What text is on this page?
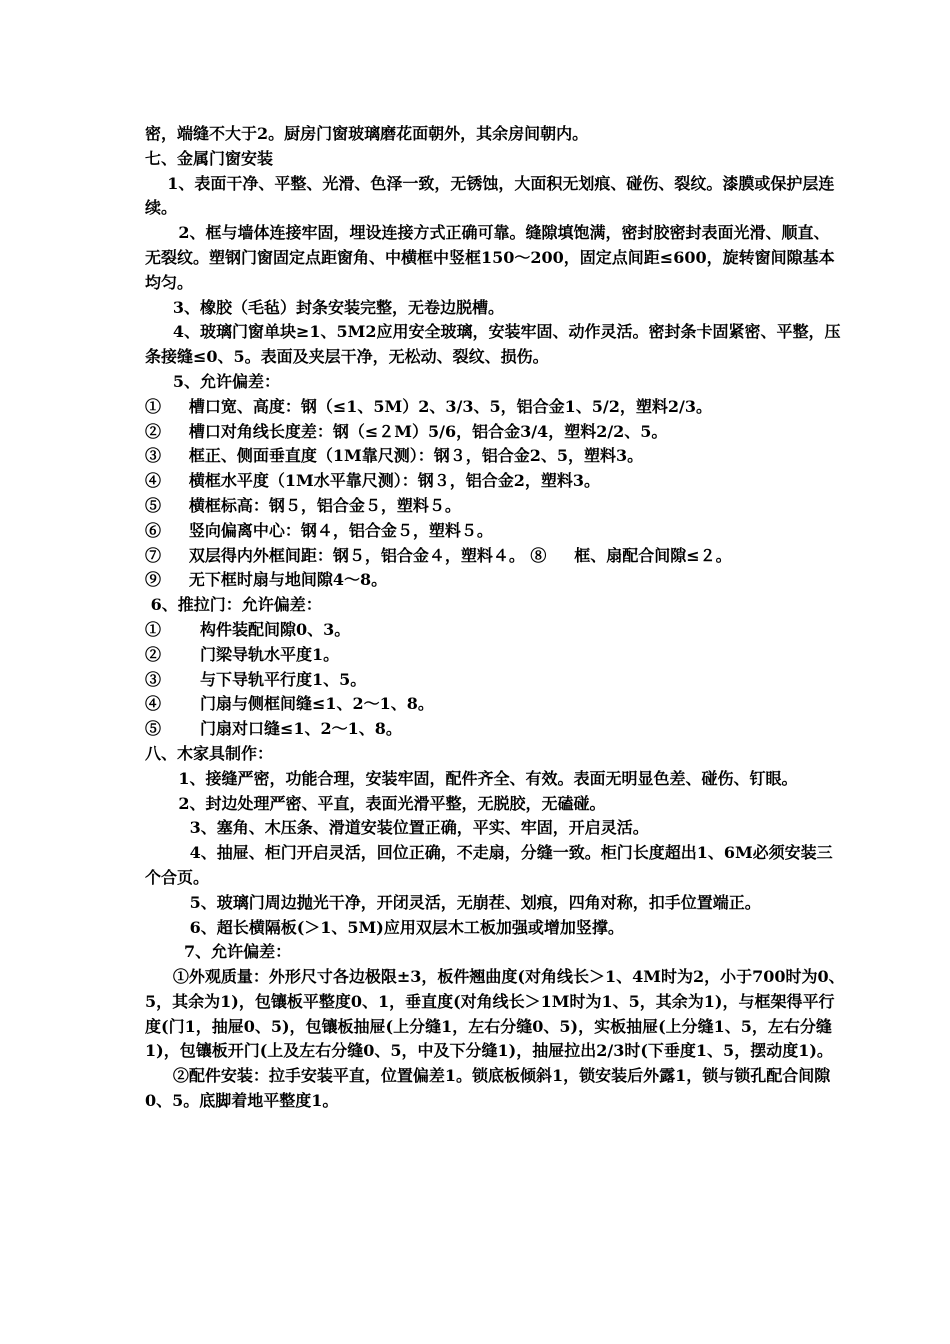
密，端缝不大于2。厨房门窗玻璃磨花面朝外，其余房间朝内。

七、金属门窗安装

1、表面干净、平整、光滑、色泽一致，无锈蚀，大面积无划痕、碰伤、裂纹。漆膜或保护层连续。

2、框与墙体连接牢固，埋设连接方式正确可靠。缝隙填饱满，密封胶密封表面光滑、顺直、无裂纹。塑钢门窗固定点距窗角、中横框中竖框150～200，固定点间距≤600，旋转窗间隙基本均匀。

3、橡胶（毛毡）封条安装完整，无卷边脱槽。

4、玻璃门窗单块≥1、5M2应用安全玻璃，安装牢固、动作灵活。密封条卡固紧密、平整，压条接缝≤0、5。表面及夹层干净，无松动、裂纹、损伤。

5、允许偏差：

①     槽口宽、高度：钢（≤1、5M）2、3/3、5，铝合金1、5/2，塑料2/3。

②     槽口对角线长度差：钢（≤２M）5/6，铝合金3/4，塑料2/2、5。

③     框正、侧面垂直度（1M靠尺测）：钢３，铝合金2、5，塑料3。

④     横框水平度（1M水平靠尺测）：钢３，铝合金2，塑料3。

⑤     横框标高：钢５，铝合金５，塑料５。

⑥     竖向偏离中心：钢４，铝合金５，塑料５。

⑦     双层得内外框间距：钢５，铝合金４，塑料４。 ⑧     框、扇配合间隙≤２。

⑨     无下框时扇与地间隙4～8。

6、推拉门：允许偏差：

①       构件装配间隙0、3。

②       门梁导轨水平度1。

③       与下导轨平行度1、5。

④       门扇与侧框间缝≤1、2～1、8。

⑤       门扇对口缝≤1、2～1、8。

八、木家具制作：

1、接缝严密，功能合理，安装牢固，配件齐全、有效。表面无明显色差、碰伤、钉眼。

2、封边处理严密、平直，表面光滑平整，无脱胶，无磕碰。

3、塞角、木压条、滑道安装位置正确，平实、牢固，开启灵活。

4、抽屉、柜门开启灵活，回位正确，不走扇，分缝一致。柜门长度超出1、6M必须安装三个合页。

5、玻璃门周边抛光干净，开闭灵活，无崩茬、划痕，四角对称，扣手位置端正。

6、超长横隔板(＞1、5M)应用双层木工板加强或增加竖撑。

7、允许偏差：

①外观质量：外形尺寸各边极限±3，板件翘曲度(对角线长＞1、4M时为2，小于700时为0、5，其余为1)，包镶板平整度0、1，垂直度(对角线长＞1M时为1、5，其余为1)，与框架得平行度(门1，抽屉0、5)，包镶板抽屉(上分缝1，左右分缝0、5)，实板抽屉(上分缝1、5，左右分缝1)，包镶板开门(上及左右分缝0、5，中及下分缝1)，抽屉拉出2/3时(下垂度1、5，摆动度1)。

②配件安装：拉手安装平直，位置偏差1。锁底板倾斜1，锁安装后外露1，锁与锁孔配合间隙0、5。底脚着地平整度1。
